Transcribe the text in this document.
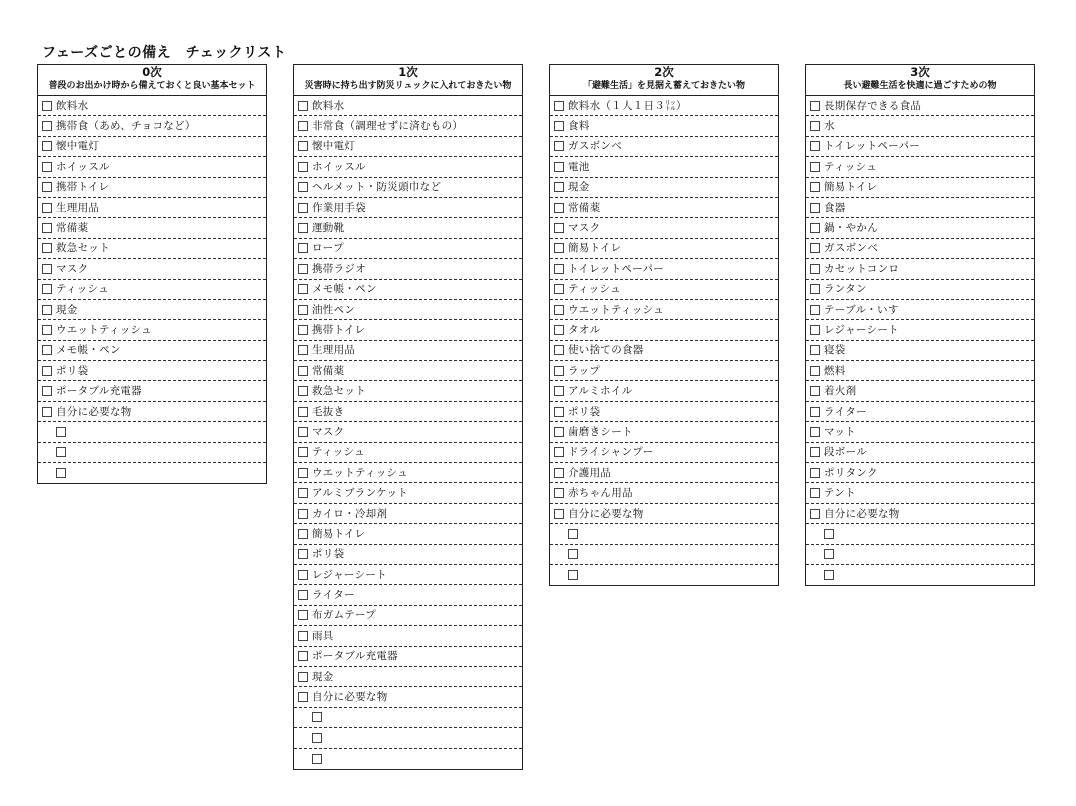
フェーズごとの備え　チェックリスト
0次
普段のお出かけ時から備えておくと良い基本セット
飲料水
携帯食（あめ、チョコなど）
懐中電灯
ホイッスル
携帯トイレ
生理用品
常備薬
救急セット
マスク
ティッシュ
現金
ウエットティッシュ
メモ帳・ペン
ポリ袋
ポータブル充電器
自分に必要な物
1次
災害時に持ち出す防災リュックに入れておきたい物
飲料水
非常食（調理せずに済むもの）
懐中電灯
ホイッスル
ヘルメット・防災頭巾など
作業用手袋
運動靴
ロープ
携帯ラジオ
メモ帳・ペン
油性ペン
携帯トイレ
生理用品
常備薬
救急セット
毛抜き
マスク
ティッシュ
ウエットティッシュ
アルミブランケット
カイロ・冷却剤
簡易トイレ
ポリ袋
レジャーシート
ライター
布ガムテープ
雨具
ポータブル充電器
現金
自分に必要な物
2次
「避難生活」を見据え蓄えておきたい物
飲料水（１人１日３㍑）
食料
ガスボンベ
電池
現金
常備薬
マスク
簡易トイレ
トイレットペーパー
ティッシュ
ウエットティッシュ
タオル
使い捨ての食器
ラップ
アルミホイル
ポリ袋
歯磨きシート
ドライシャンプー
介護用品
赤ちゃん用品
自分に必要な物
3次
長い避難生活を快適に過ごすための物
長期保存できる食品
水
トイレットペーパー
ティッシュ
簡易トイレ
食器
鍋・やかん
ガスボンベ
カセットコンロ
ランタン
テーブル・いす
レジャーシート
寝袋
燃料
着火剤
ライター
マット
段ボール
ポリタンク
テント
自分に必要な物
